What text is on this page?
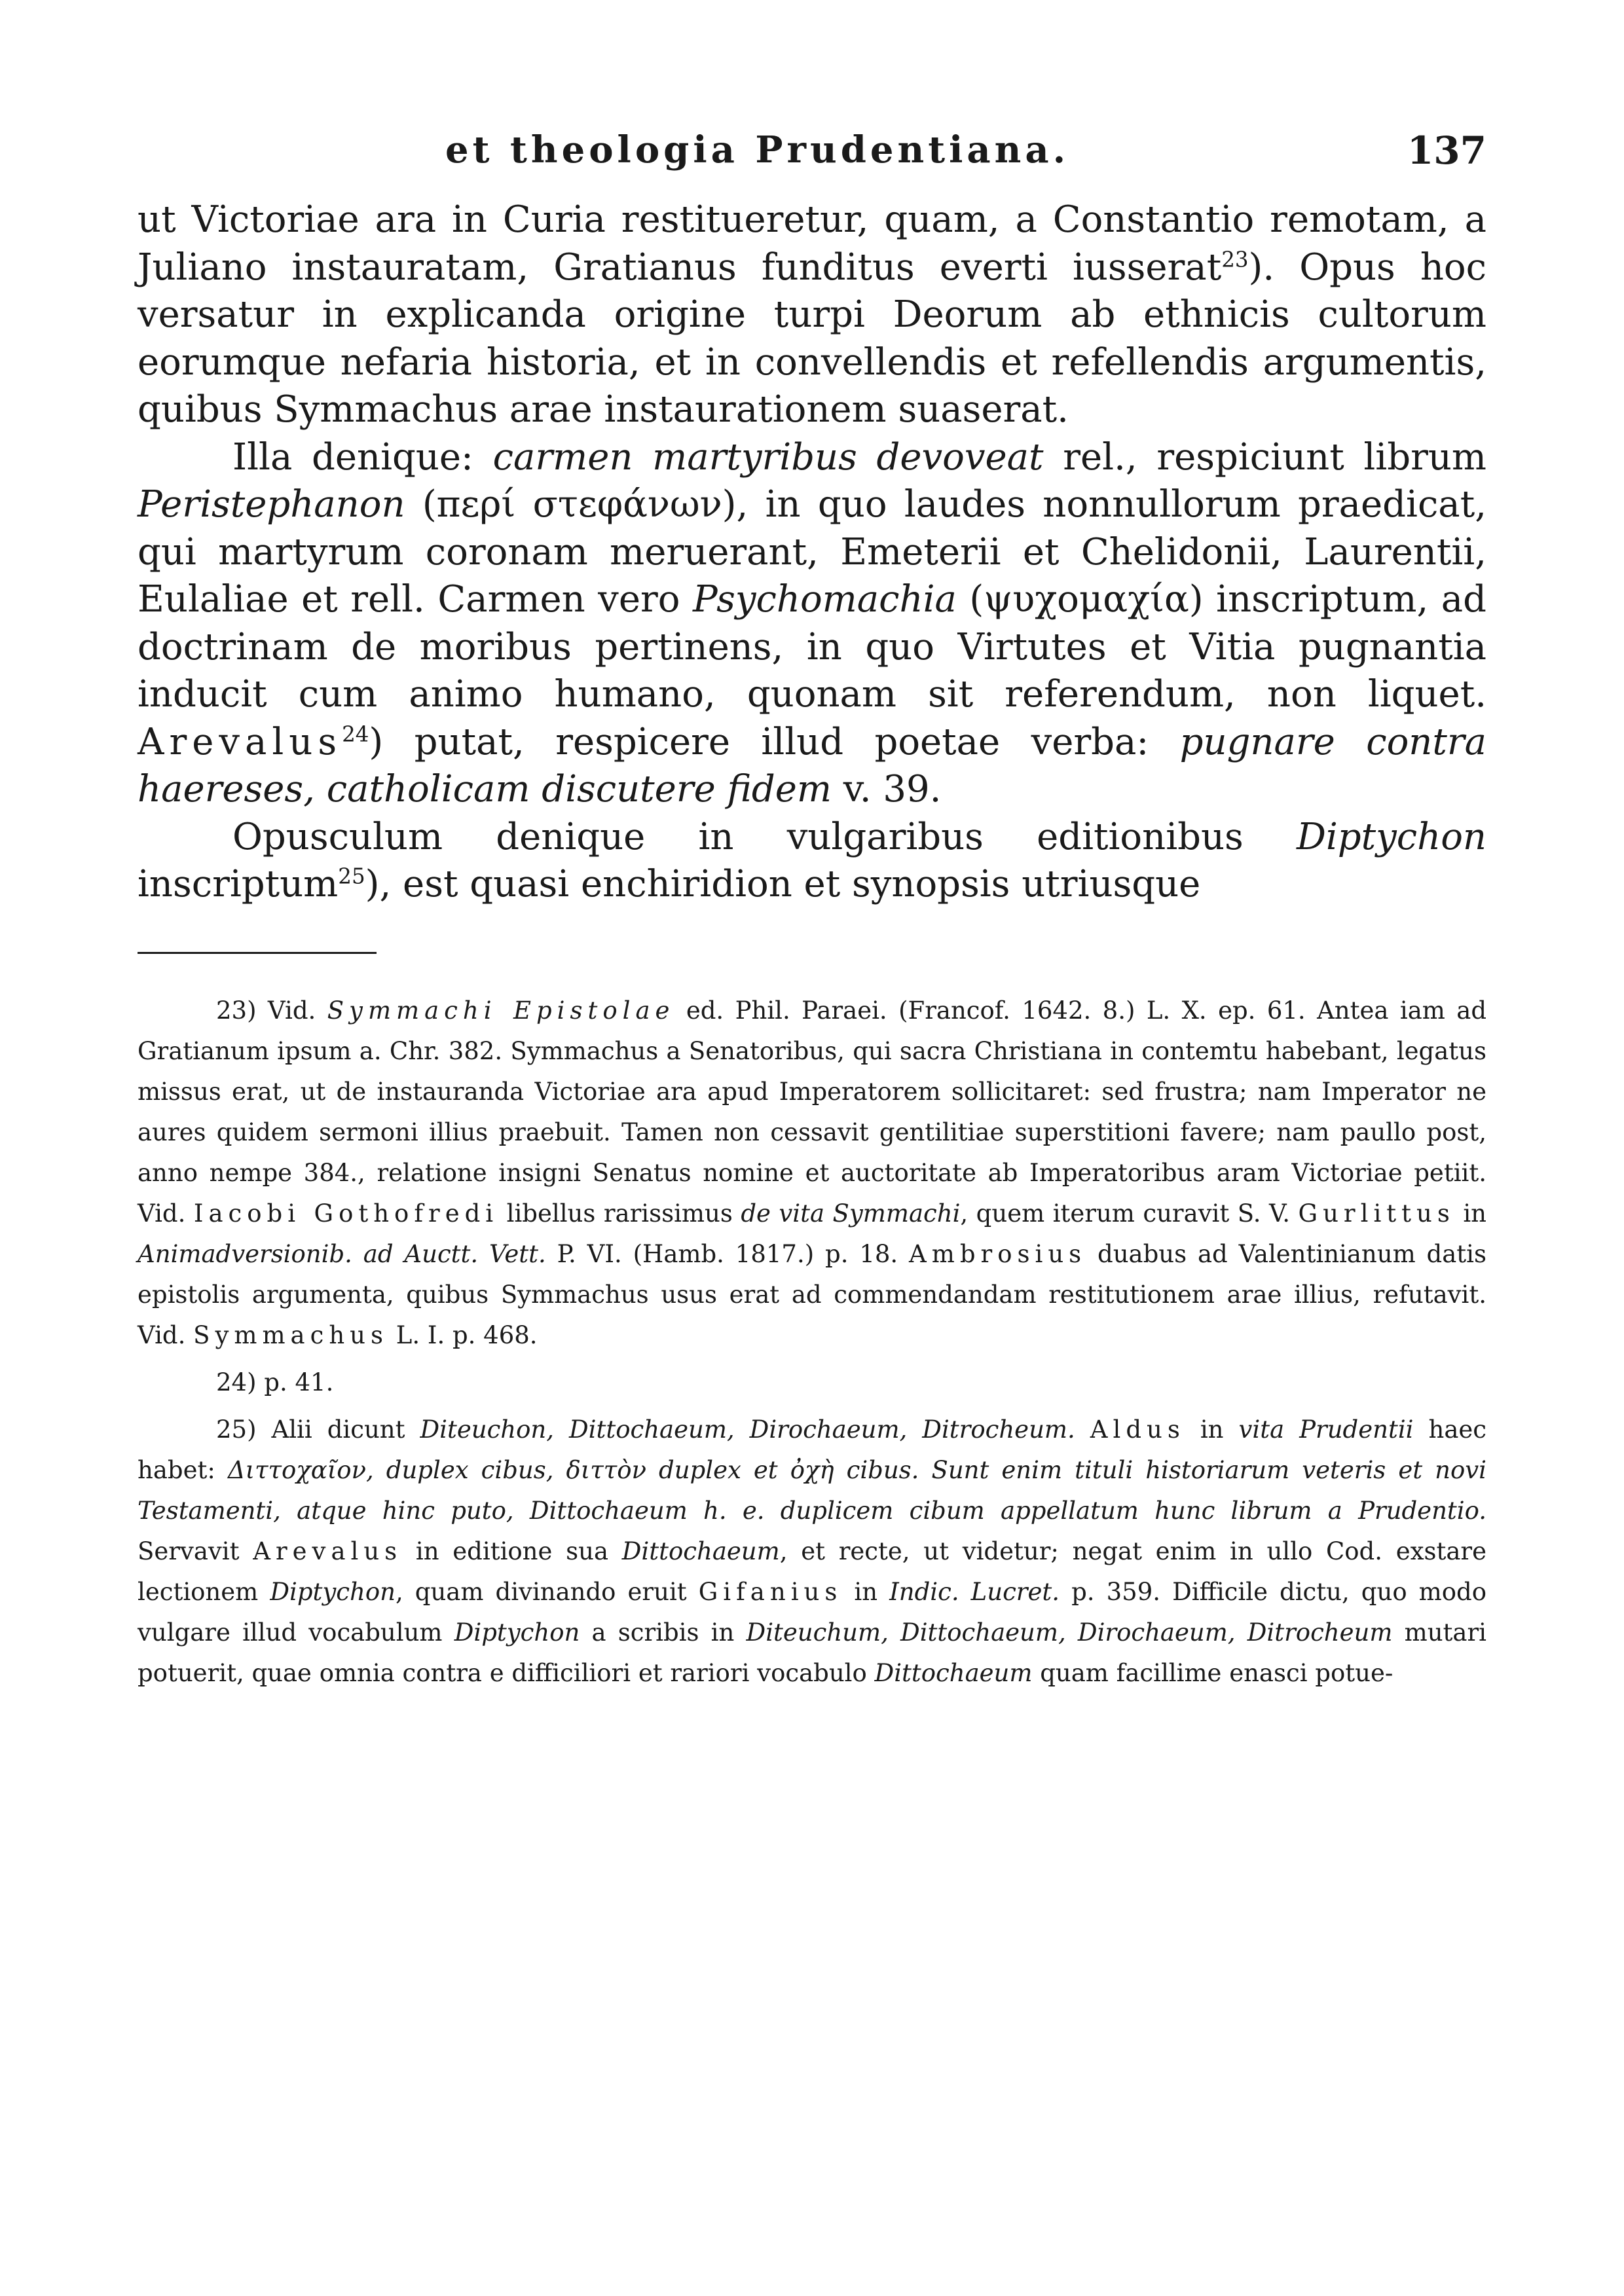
et theologia Prudentiana.	137

ut Victoriae ara in Curia restitueretur, quam, a Constantio remotam, a Juliano instauratam, Gratianus funditus everti iusserat$^{23}$). Opus hoc versatur in explicanda origine turpi Deorum ab ethnicis cultorum eorumque nefaria historia, et in convellendis et refellendis argumentis, quibus Symmachus arae instaurationem suaserat.

Illa denique: carmen martyribus devoveat rel., respiciunt librum Peristephanon (περί στεφάνων), in quo laudes nonnullorum praedicat, qui martyrum coronam meruerant, Emeterii et Chelidonii, Laurentii, Eulaliae et rell. Carmen vero Psychomachia (ψυχομαχία) inscriptum, ad doctrinam de moribus pertinens, in quo Virtutes et Vitia pugnantia inducit cum animo humano, quonam sit referendum, non liquet. Arevalus$^{24}$) putat, respicere illud poetae verba: pugnare contra haereses, catholicam discutere fidem v. 39.

Opusculum denique in vulgaribus editionibus Diptychon inscriptum$^{25}$), est quasi enchiridion et synopsis utriusque

23) Vid. Symmachi Epistolae ed. Phil. Paraei. (Francof. 1642. 8.) L. X. ep. 61. Antea iam ad Gratianum ipsum a. Chr. 382. Symmachus a Senatoribus, qui sacra Christiana in contemtu habebant, legatus missus erat, ut de instauranda Victoriae ara apud Imperatorem sollicitaret: sed frustra; nam Imperator ne aures quidem sermoni illius praebuit. Tamen non cessavit gentilitiae superstitioni favere; nam paullo post, anno nempe 384., relatione insigni Senatus nomine et auctoritate ab Imperatoribus aram Victoriae petiit. Vid. Iacobi Gothofredi libellus rarissimus de vita Symmachi, quem iterum curavit S. V. Gurlittus in Animadversionib. ad Auctt. Vett. P. VI. (Hamb. 1817.) p. 18. Ambrosius duabus ad Valentinianum datis epistolis argumenta, quibus Symmachus usus erat ad commendandam restitutionem arae illius, refutavit. Vid. Symmachus L. I. p. 468.

24) p. 41.

25) Alii dicunt Diteuchon, Dittochaeum, Dirochaeum, Ditrocheum. Aldus in vita Prudentii haec habet: Διττοχαῖον, duplex cibus, διττὸν duplex et ὀχὴ cibus. Sunt enim tituli historiarum veteris et novi Testamenti, atque hinc puto, Dittochaeum h. e. duplicem cibum appellatum hunc librum a Prudentio. Servavit Arevalus in editione sua Dittochaeum, et recte, ut videtur; negat enim in ullo Cod. exstare lectionem Diptychon, quam divinando eruit Gifanius in Indic. Lucret. p. 359. Difficile dictu, quo modo vulgare illud vocabulum Diptychon a scribis in Diteuchum, Dittochaeum, Dirochaeum, Ditrocheum mutari potuerit, quae omnia contra e difficiliori et rariori vocabulo Dittochaeum quam facillime enasci potue-
